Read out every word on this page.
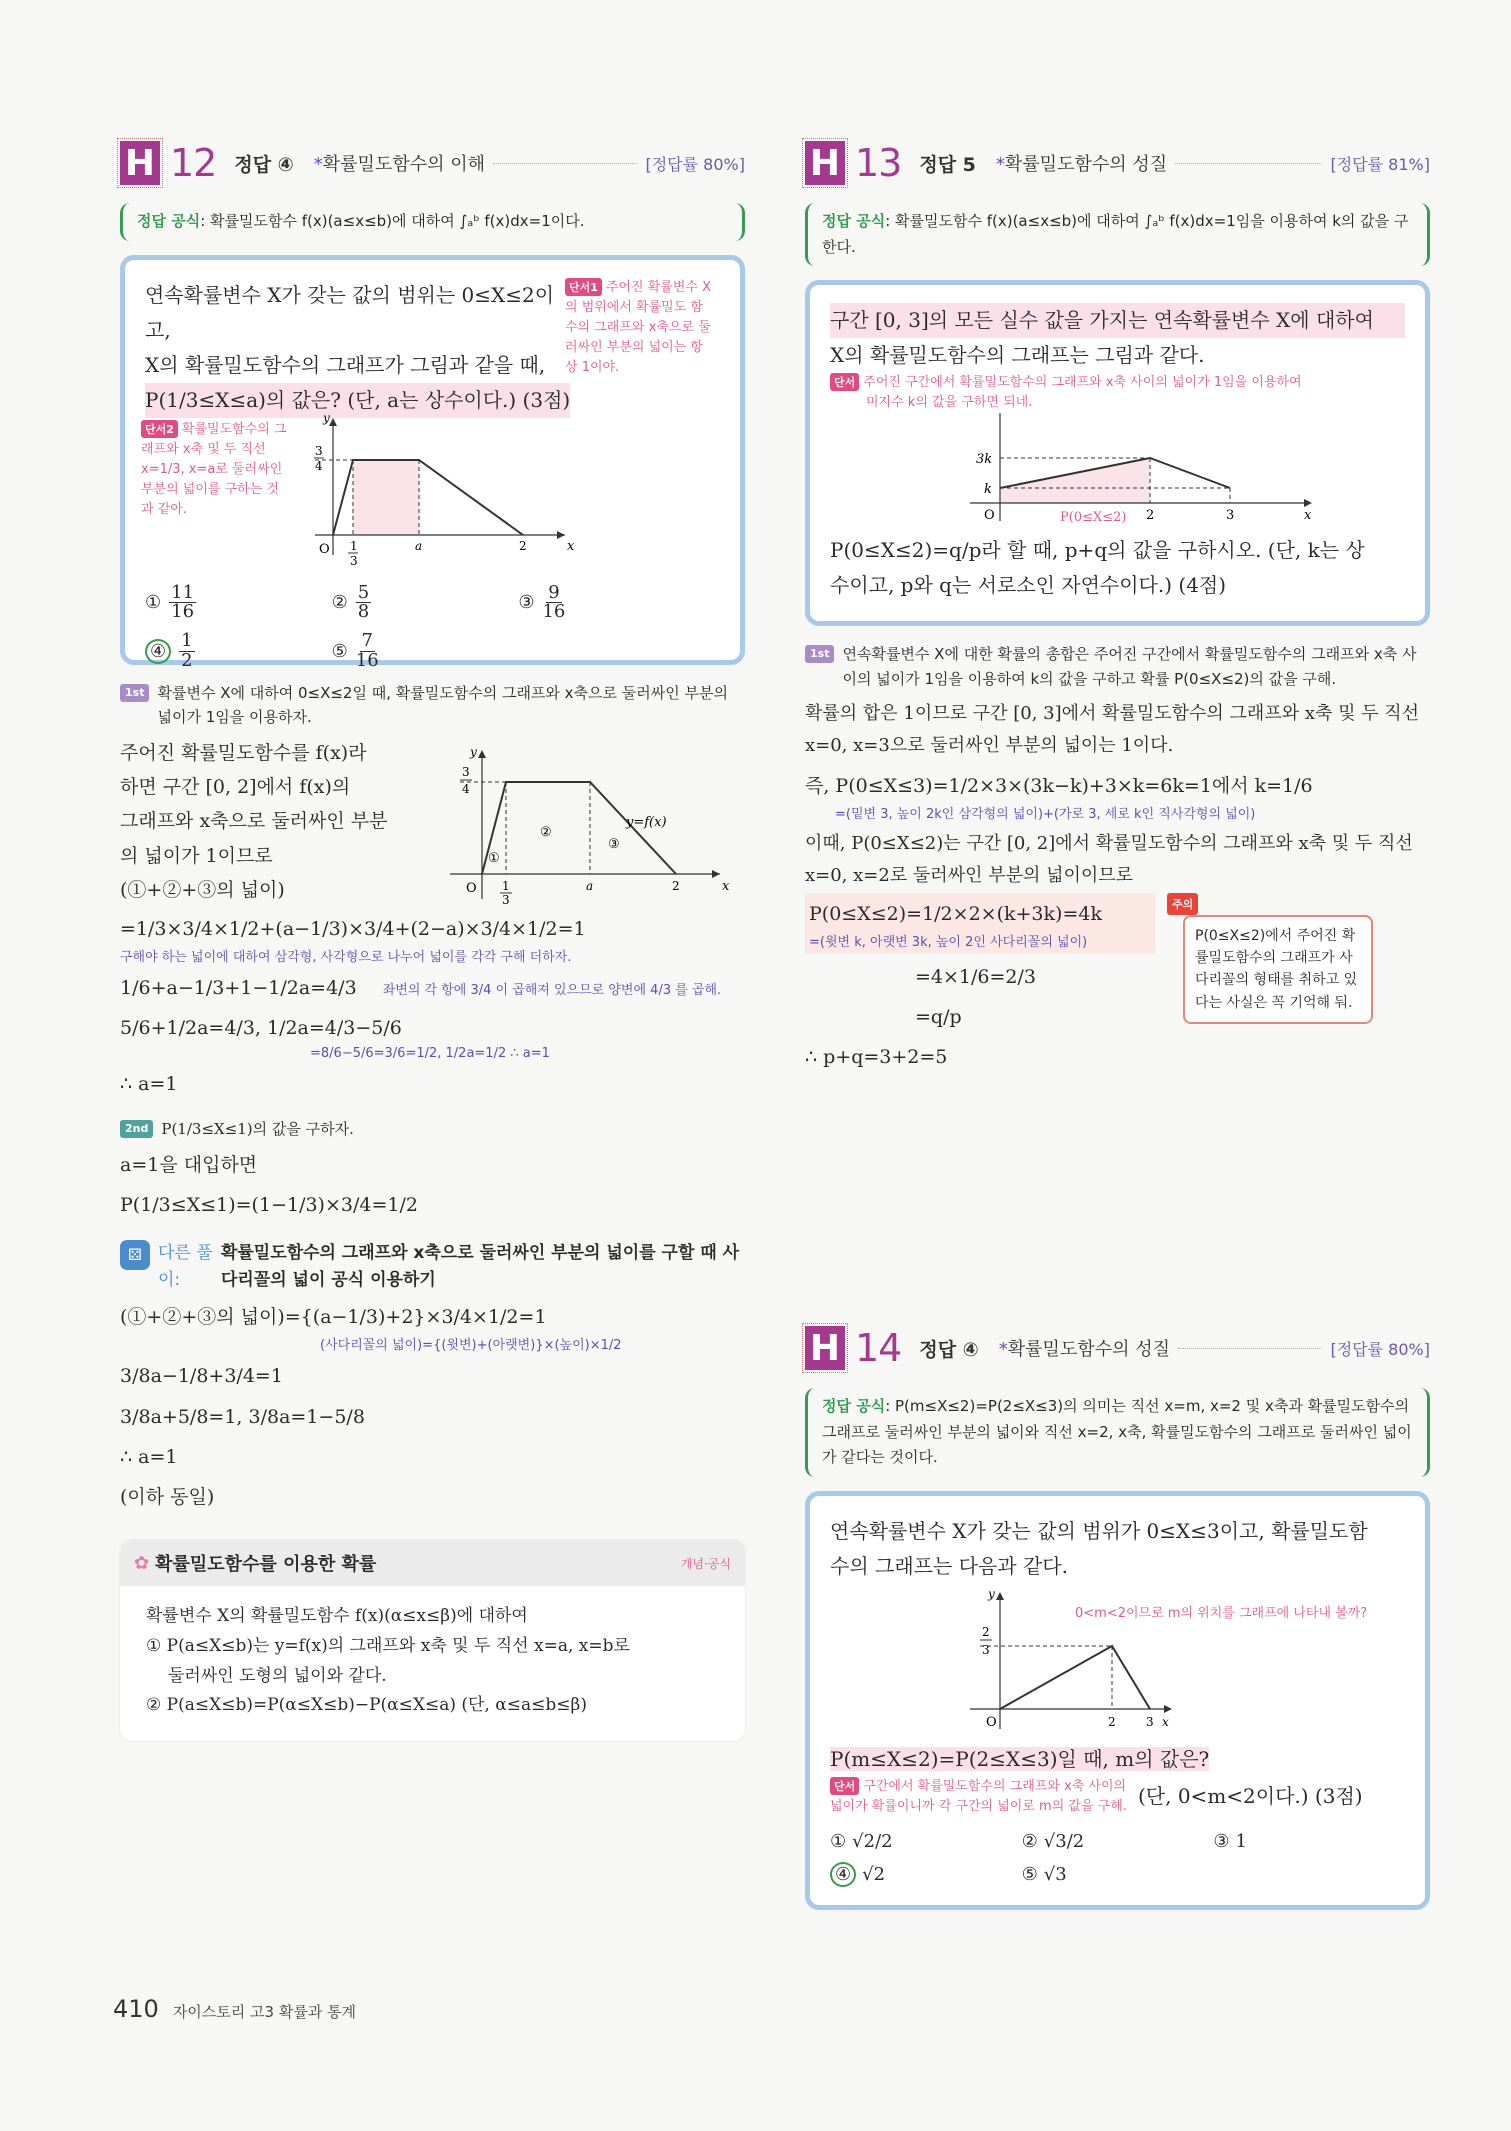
H 12 정답 ④ *확률밀도함수의 이해	[정답률 80%]
정답 공식: 확률밀도함수 f(x)(a≤x≤b)에 대하여 ∫ₐᵇ f(x)dx=1이다.
연속확률변수 X가 갖는 값의 범위는 0≤X≤2이고,
X의 확률밀도함수의 그래프가 그림과 같을 때,
P(1/3≤X≤a)의 값은? (단, a는 상수이다.) (3점)
단서1 주어진 확률변수 X의 범위에서 확률밀도 함수의 그래프와 x축으로 둘러싸인 부분의 넓이는 항상 1이야.
단서2 확률밀도함수의 그래프와 x축 및 두 직선 x=1/3, x=a로 둘러싸인 부분의 넓이를 구하는 것과 같아.
y
x
O
3
4
1
3
a	2
① $\frac{11}{16}$	② $\frac{5}{8}$	③ $\frac{9}{16}$
④ $\frac{1}{2}$	⑤ $\frac{7}{16}$
1st 확률변수 X에 대하여 0≤X≤2일 때, 확률밀도함수의 그래프와 x축으로 둘러싸인 부분의 넓이가 1임을 이용하자.
주어진 확률밀도함수를 f(x)라
하면 구간 [0, 2]에서 f(x)의
그래프와 x축으로 둘러싸인 부분
의 넓이가 1이므로
(①+②+③의 넓이)
y
x
O
3
4
1
3
a	2
①
②
③
y=f(x)
=1/3×3/4×1/2+(a−1/3)×3/4+(2−a)×3/4×1/2=1
구해야 하는 넓이에 대하여 삼각형, 사각형으로 나누어 넓이를 각각 구해 더하자.
1/6+a−1/3+1−1/2a=4/3 좌변의 각 항에 3/4 이 곱해져 있으므로 양변에 4/3 를 곱해.
5/6+1/2a=4/3, 1/2a=4/3−5/6
=8/6−5/6=3/6=1/2, 1/2a=1/2 ∴ a=1
∴ a=1
2nd P(1/3≤X≤1)의 값을 구하자.
a=1을 대입하면
P(1/3≤X≤1)=(1−1/3)×3/4=1/2
⚄ 다른 풀이:
확률밀도함수의 그래프와 x축으로 둘러싸인 부분의 넓이를 구할 때 사다리꼴의 넓이 공식 이용하기
(①+②+③의 넓이)={(a−1/3)+2}×3/4×1/2=1
(사다리꼴의 넓이)={(윗변)+(아랫변)}×(높이)×1/2
3/8a−1/8+3/4=1
3/8a+5/8=1, 3/8a=1−5/8
∴ a=1
(이하 동일)
✿ 확률밀도함수를 이용한 확률	개념·공식
확률변수 X의 확률밀도함수 f(x)(α≤x≤β)에 대하여
① P(a≤X≤b)는 y=f(x)의 그래프와 x축 및 두 직선 x=a, x=b로
둘러싸인 도형의 넓이와 같다.
② P(a≤X≤b)=P(α≤X≤b)−P(α≤X≤a) (단, α≤a≤b≤β)
H 13 정답 5 *확률밀도함수의 성질	[정답률 81%]
정답 공식: 확률밀도함수 f(x)(a≤x≤b)에 대하여 ∫ₐᵇ f(x)dx=1임을 이용하여 k의 값을 구한다.
구간 [0, 3]의 모든 실수 값을 가지는 연속확률변수 X에 대하여
X의 확률밀도함수의 그래프는 그림과 같다.
단서 주어진 구간에서 확률밀도함수의 그래프와 x축 사이의 넓이가 1임을 이용하여
미지수 k의 값을 구하면 되네.
3k
k
O	2	3	x
P(0≤X≤2)
P(0≤X≤2)=q/p라 할 때, p+q의 값을 구하시오. (단, k는 상
수이고, p와 q는 서로소인 자연수이다.) (4점)
1st 연속확률변수 X에 대한 확률의 총합은 주어진 구간에서 확률밀도함수의 그래프와 x축 사이의 넓이가 1임을 이용하여 k의 값을 구하고 확률 P(0≤X≤2)의 값을 구해.
확률의 합은 1이므로 구간 [0, 3]에서 확률밀도함수의 그래프와 x축 및 두 직선 x=0, x=3으로 둘러싸인 부분의 넓이는 1이다.
즉, P(0≤X≤3)=1/2×3×(3k−k)+3×k=6k=1에서 k=1/6
=(밑변 3, 높이 2k인 삼각형의 넓이)+(가로 3, 세로 k인 직사각형의 넓이)
이때, P(0≤X≤2)는 구간 [0, 2]에서 확률밀도함수의 그래프와 x축 및 두 직선 x=0, x=2로 둘러싸인 부분의 넓이이므로
P(0≤X≤2)=1/2×2×(k+3k)=4k
=(윗변 k, 아랫변 3k, 높이 2인 사다리꼴의 넓이)
주의
P(0≤X≤2)에서 주어진 확률밀도함수의 그래프가 사다리꼴의 형태를 취하고 있다는 사실은 꼭 기억해 둬.
=4×1/6=2/3
=q/p
∴ p+q=3+2=5
H 14 정답 ④ *확률밀도함수의 성질	[정답률 80%]
정답 공식: P(m≤X≤2)=P(2≤X≤3)의 의미는 직선 x=m, x=2 및 x축과 확률밀도함수의 그래프로 둘러싸인 부분의 넓이와 직선 x=2, x축, 확률밀도함수의 그래프로 둘러싸인 넓이가 같다는 것이다.
연속확률변수 X가 갖는 값의 범위가 0≤X≤3이고, 확률밀도함
수의 그래프는 다음과 같다.
y
2
3
O	2	3 x
0<m<2이므로 m의 위치를 그래프에 나타내 볼까?
P(m≤X≤2)=P(2≤X≤3)일 때, m의 값은?
단서 구간에서 확률밀도함수의 그래프와 x축 사이의 넓이가 확률이니까 각 구간의 넓이로 m의 값을 구해. (단, 0<m<2이다.) (3점)
① √2/2	② √3/2	③ 1
④ √2	⑤ √3
410 자이스토리 고3 확률과 통계
